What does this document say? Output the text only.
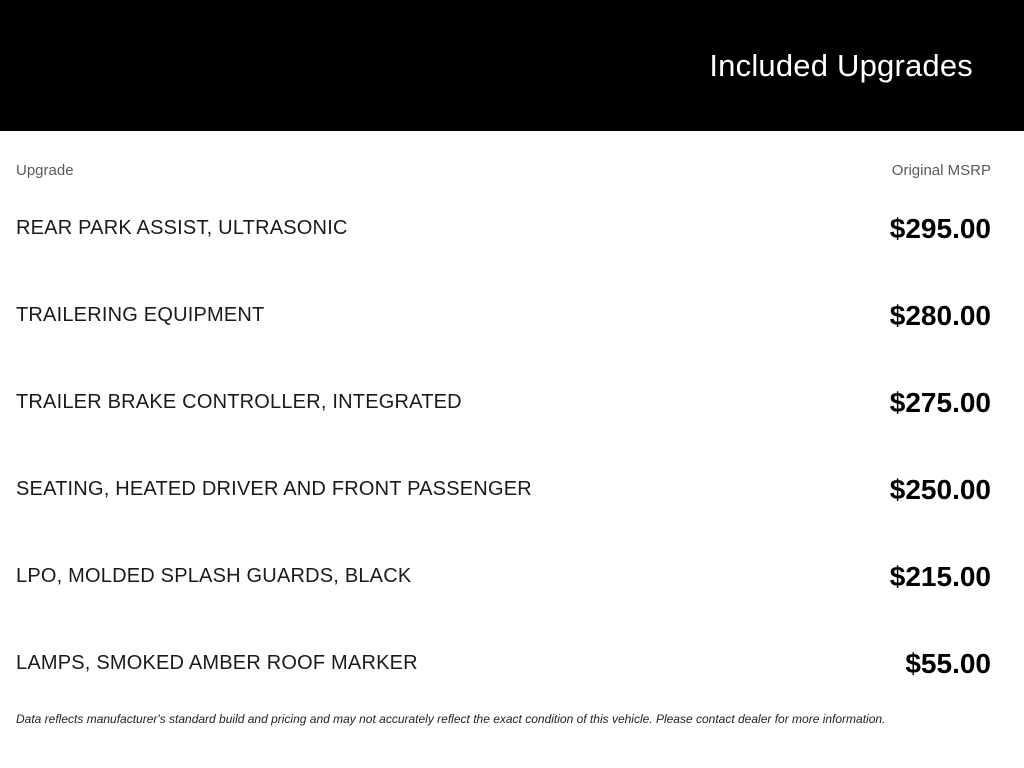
Included Upgrades
Upgrade	Original MSRP
REAR PARK ASSIST, ULTRASONIC	$295.00
TRAILERING EQUIPMENT	$280.00
TRAILER BRAKE CONTROLLER, INTEGRATED	$275.00
SEATING, HEATED DRIVER AND FRONT PASSENGER	$250.00
LPO, MOLDED SPLASH GUARDS, BLACK	$215.00
LAMPS, SMOKED AMBER ROOF MARKER	$55.00
Data reflects manufacturer's standard build and pricing and may not accurately reflect the exact condition of this vehicle. Please contact dealer for more information.
